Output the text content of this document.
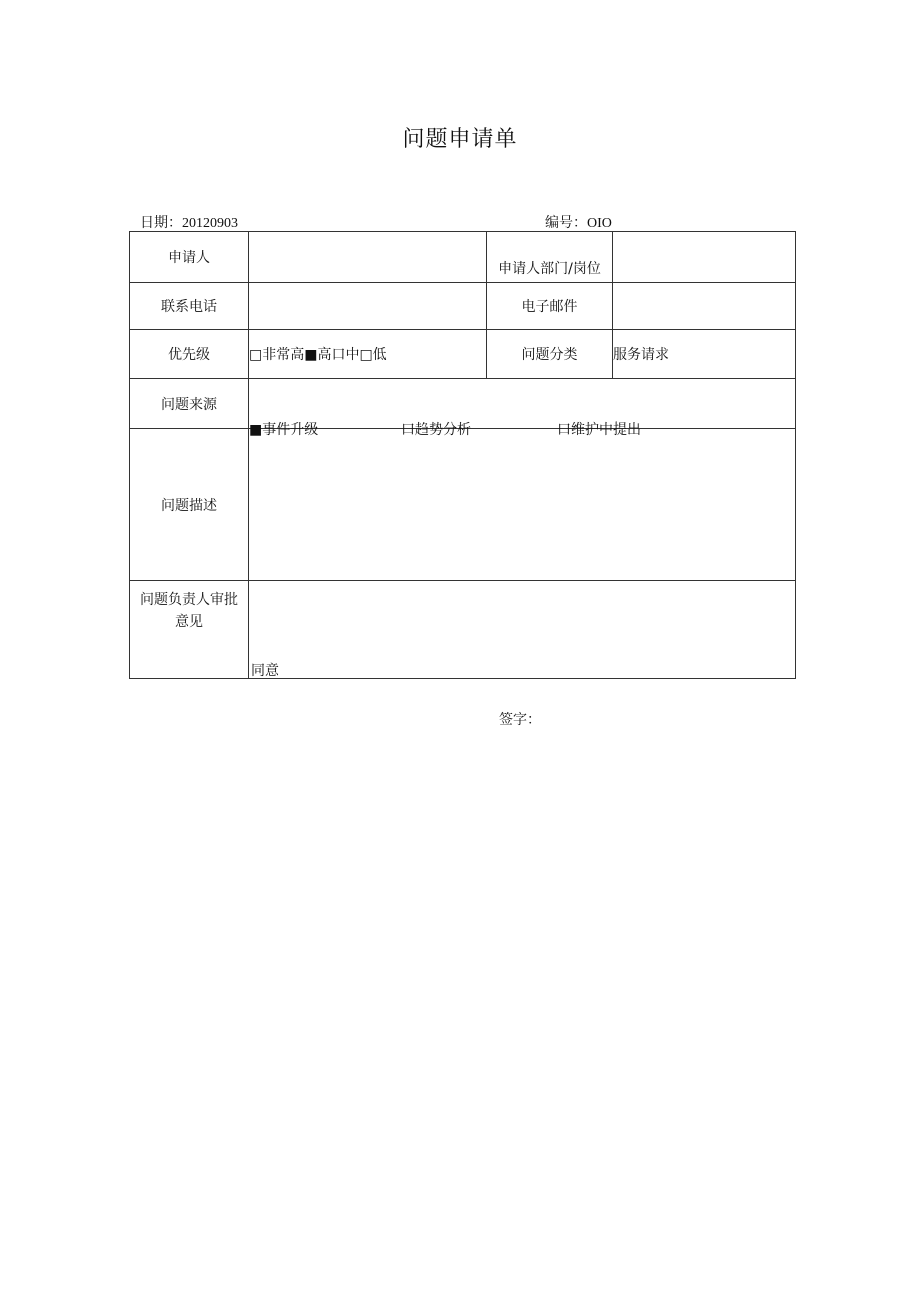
问题申请单
日期：20120903	编号：OIO
申请人		申请人部门/岗位	

联系电话		电子邮件	
优先级	□非常高■高口中□低	问题分类	服务请求
问题来源	■事件升级 口趋势分析 口维护中提出		

问题描述			

问题负责人审批
意见	同意
签字：		
